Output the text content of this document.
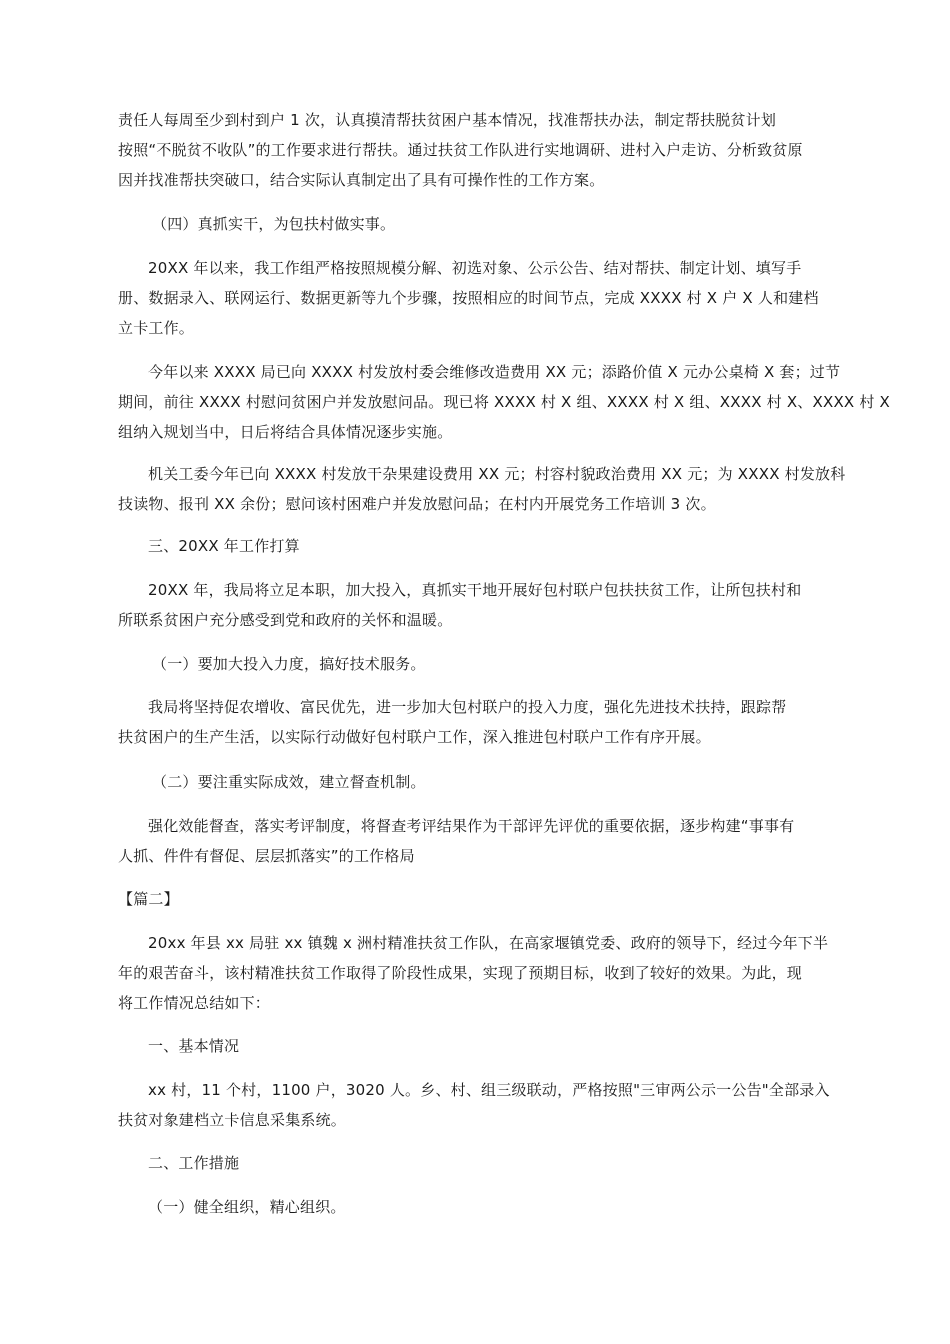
责任人每周至少到村到户 1 次，认真摸清帮扶贫困户基本情况，找准帮扶办法，制定帮扶脱贫计划
按照“不脱贫不收队”的工作要求进行帮扶。通过扶贫工作队进行实地调研、进村入户走访、分析致贫原
因并找准帮扶突破口，结合实际认真制定出了具有可操作性的工作方案。
（四）真抓实干，为包扶村做实事。
20XX 年以来，我工作组严格按照规模分解、初选对象、公示公告、结对帮扶、制定计划、填写手
册、数据录入、联网运行、数据更新等九个步骤，按照相应的时间节点，完成 XXXX 村 X 户 X 人和建档
立卡工作。
今年以来 XXXX 局已向 XXXX 村发放村委会维修改造费用 XX 元；添路价值 X 元办公桌椅 X 套；过节
期间，前往 XXXX 村慰问贫困户并发放慰问品。现已将 XXXX 村 X 组、XXXX 村 X 组、XXXX 村 X、XXXX 村 X
组纳入规划当中，日后将结合具体情况逐步实施。
机关工委今年已向 XXXX 村发放干杂果建设费用 XX 元；村容村貌政治费用 XX 元；为 XXXX 村发放科
技读物、报刊 XX 余份；慰问该村困难户并发放慰问品；在村内开展党务工作培训 3 次。
三、20XX 年工作打算
20XX 年，我局将立足本职，加大投入，真抓实干地开展好包村联户包扶扶贫工作，让所包扶村和
所联系贫困户充分感受到党和政府的关怀和温暖。
（一）要加大投入力度，搞好技术服务。
我局将坚持促农增收、富民优先，进一步加大包村联户的投入力度，强化先进技术扶持，跟踪帮
扶贫困户的生产生活，以实际行动做好包村联户工作，深入推进包村联户工作有序开展。
（二）要注重实际成效，建立督查机制。
强化效能督查，落实考评制度，将督查考评结果作为干部评先评优的重要依据，逐步构建“事事有
人抓、件件有督促、层层抓落实”的工作格局
【篇二】
20xx 年县 xx 局驻 xx 镇魏 x 洲村精准扶贫工作队，在高家堰镇党委、政府的领导下，经过今年下半
年的艰苦奋斗，该村精准扶贫工作取得了阶段性成果，实现了预期目标，收到了较好的效果。为此，现
将工作情况总结如下：
一、基本情况
xx 村，11 个村，1100 户，3020 人。乡、村、组三级联动，严格按照"三审两公示一公告"全部录入
扶贫对象建档立卡信息采集系统。
二、工作措施
（一）健全组织，精心组织。
